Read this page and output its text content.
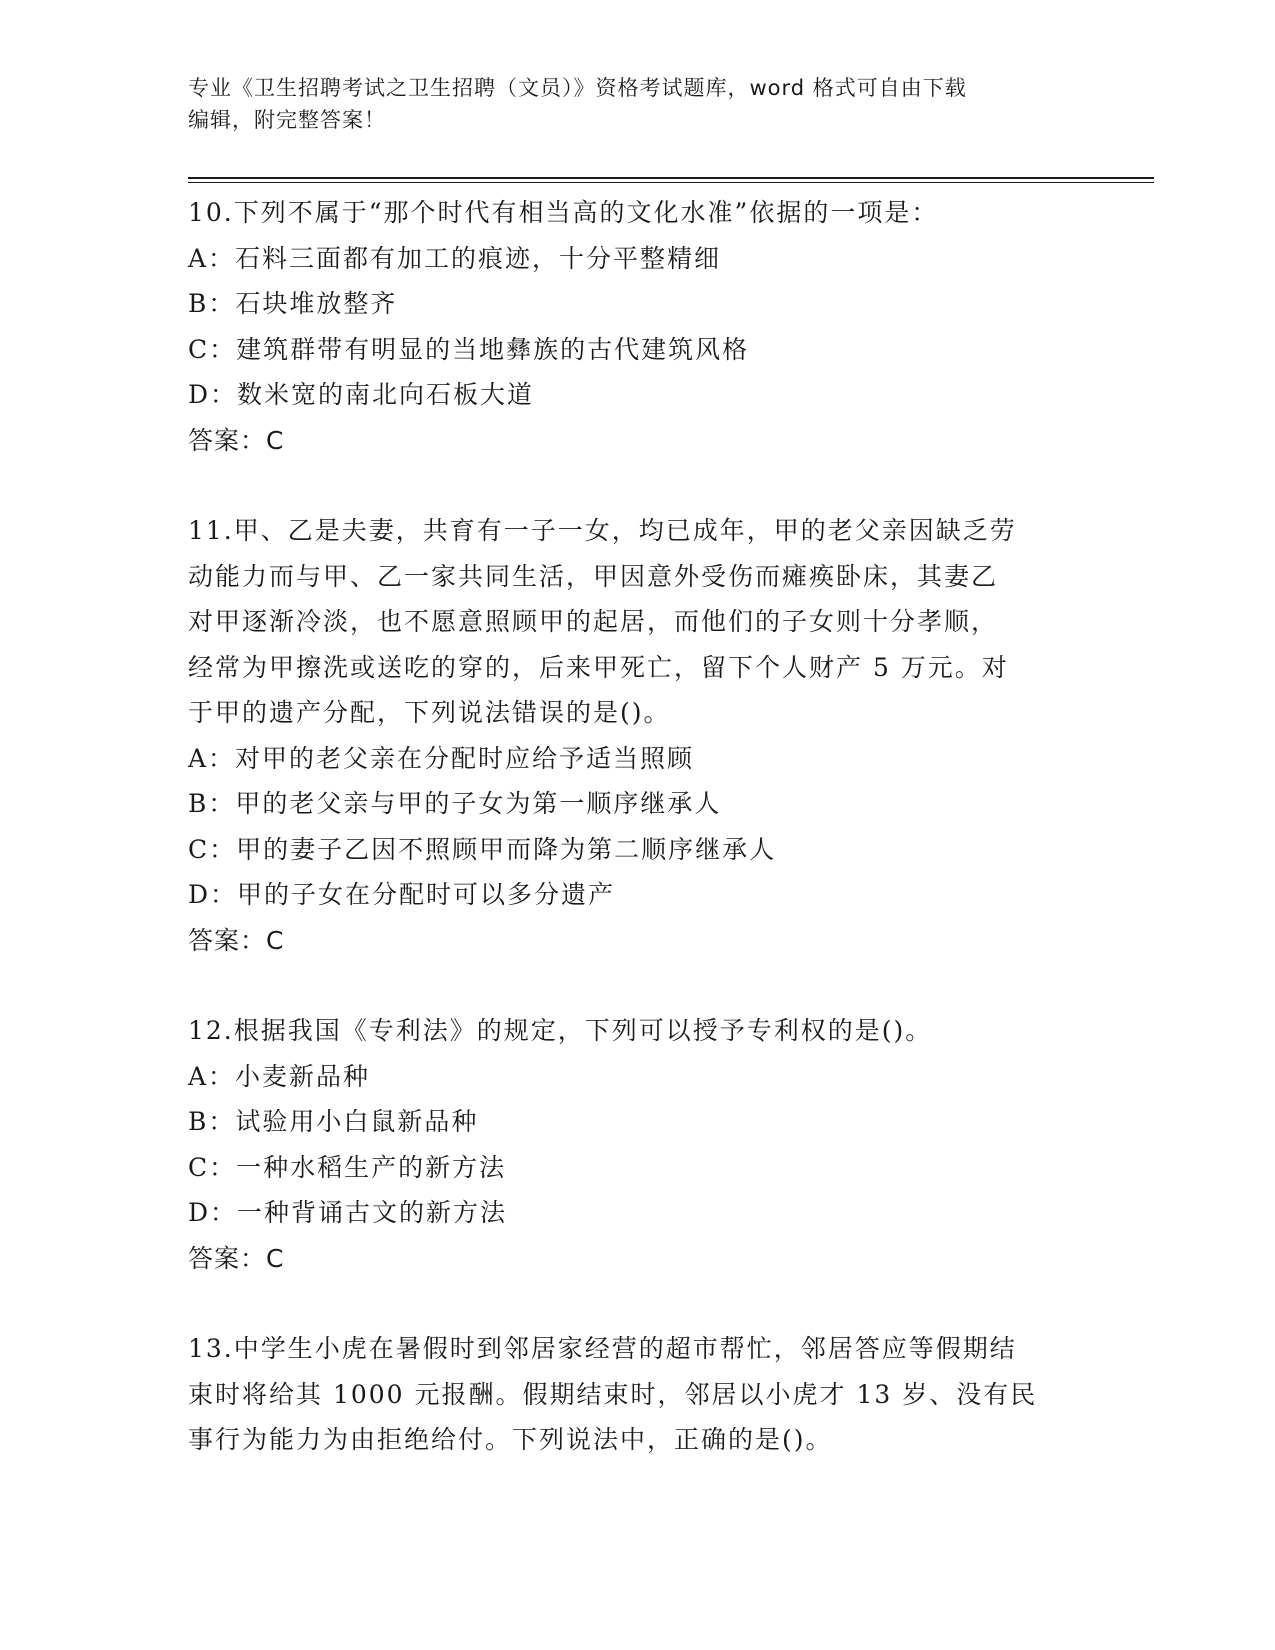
专业《卫生招聘考试之卫生招聘（文员）》资格考试题库，word 格式可自由下载
编辑，附完整答案！
10.下列不属于“那个时代有相当高的文化水准”依据的一项是：
A：石料三面都有加工的痕迹，十分平整精细
B：石块堆放整齐
C：建筑群带有明显的当地彝族的古代建筑风格
D：数米宽的南北向石板大道
答案：C
11.甲、乙是夫妻，共育有一子一女，均已成年，甲的老父亲因缺乏劳
动能力而与甲、乙一家共同生活，甲因意外受伤而瘫痪卧床，其妻乙
对甲逐渐冷淡，也不愿意照顾甲的起居，而他们的子女则十分孝顺，
经常为甲擦洗或送吃的穿的，后来甲死亡，留下个人财产 5 万元。对
于甲的遗产分配，下列说法错误的是()。
A：对甲的老父亲在分配时应给予适当照顾
B：甲的老父亲与甲的子女为第一顺序继承人
C：甲的妻子乙因不照顾甲而降为第二顺序继承人
D：甲的子女在分配时可以多分遗产
答案：C
12.根据我国《专利法》的规定，下列可以授予专利权的是()。
A：小麦新品种
B：试验用小白鼠新品种
C：一种水稻生产的新方法
D：一种背诵古文的新方法
答案：C
13.中学生小虎在暑假时到邻居家经营的超市帮忙，邻居答应等假期结
束时将给其 1000 元报酬。假期结束时，邻居以小虎才 13 岁、没有民
事行为能力为由拒绝给付。下列说法中，正确的是()。
